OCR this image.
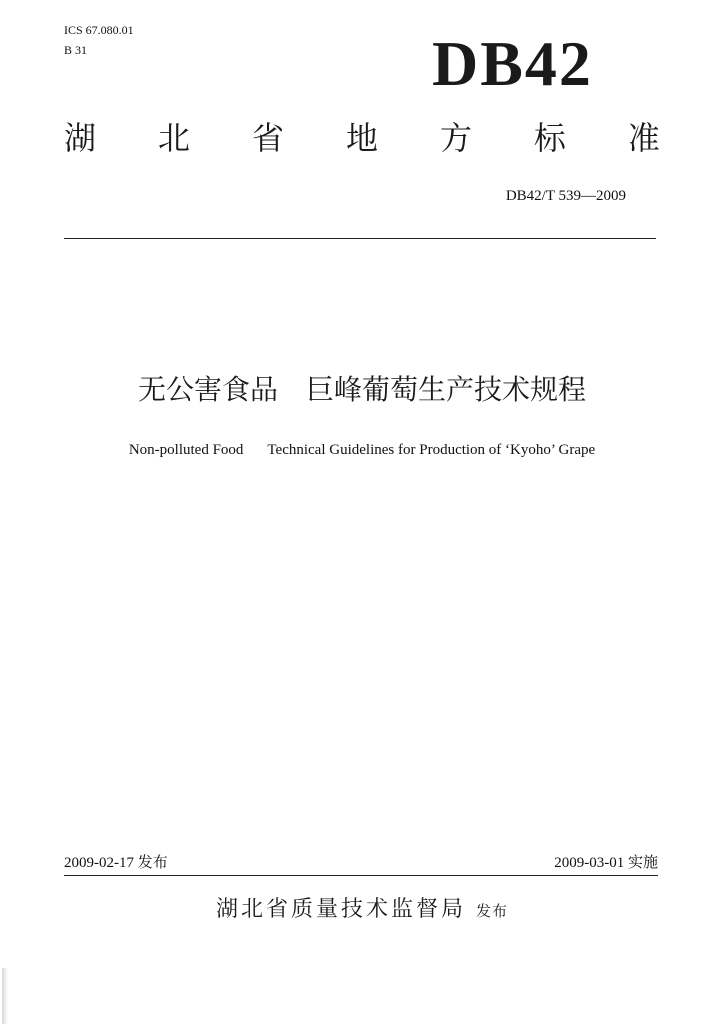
ICS 67.080.01
B 31	DB42
湖 北 省 地 方 标 准
DB42/T 539—2009
无公害食品 巨峰葡萄生产技术规程
Non-polluted Food Technical Guidelines for Production of ‘Kyoho’ Grape
2009-02-17 发布	2009-03-01 实施
湖北省质量技术监督局 发布
